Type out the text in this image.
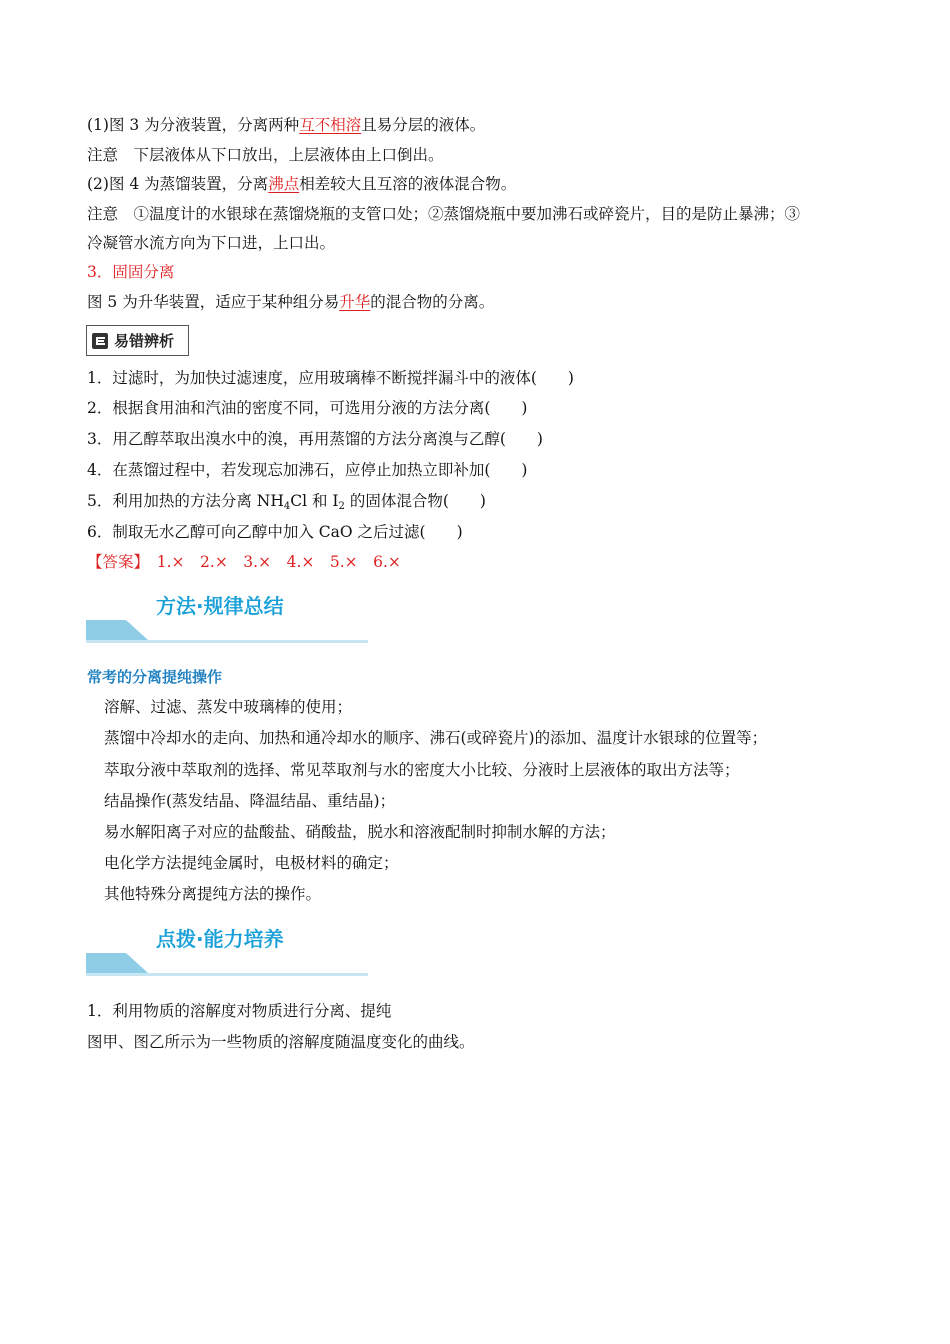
(1)图 3 为分液装置，分离两种互不相溶且易分层的液体。
注意　下层液体从下口放出，上层液体由上口倒出。
(2)图 4 为蒸馏装置，分离沸点相差较大且互溶的液体混合物。
注意　①温度计的水银球在蒸馏烧瓶的支管口处；②蒸馏烧瓶中要加沸石或碎瓷片，目的是防止暴沸；③
冷凝管水流方向为下口进，上口出。
3．固固分离
图 5 为升华装置，适应于某种组分易升华的混合物的分离。
易错辨析
1．过滤时，为加快过滤速度，应用玻璃棒不断搅拌漏斗中的液体(　　)
2．根据食用油和汽油的密度不同，可选用分液的方法分离(　　)
3．用乙醇萃取出溴水中的溴，再用蒸馏的方法分离溴与乙醇(　　)
4．在蒸馏过程中，若发现忘加沸石，应停止加热立即补加(　　)
5．利用加热的方法分离 $NH_4Cl$ 和 $I_2$ 的固体混合物(　　)
6．制取无水乙醇可向乙醇中加入 CaO 之后过滤(　　)
【答案】　1.×　2.×　3.×　4.×　5.×　6.×
方法·规律总结
常考的分离提纯操作
溶解、过滤、蒸发中玻璃棒的使用；
蒸馏中冷却水的走向、加热和通冷却水的顺序、沸石(或碎瓷片)的添加、温度计水银球的位置等；
萃取分液中萃取剂的选择、常见萃取剂与水的密度大小比较、分液时上层液体的取出方法等；
结晶操作(蒸发结晶、降温结晶、重结晶)；
易水解阳离子对应的盐酸盐、硝酸盐，脱水和溶液配制时抑制水解的方法；
电化学方法提纯金属时，电极材料的确定；
其他特殊分离提纯方法的操作。
点拨·能力培养
1．利用物质的溶解度对物质进行分离、提纯
图甲、图乙所示为一些物质的溶解度随温度变化的曲线。
